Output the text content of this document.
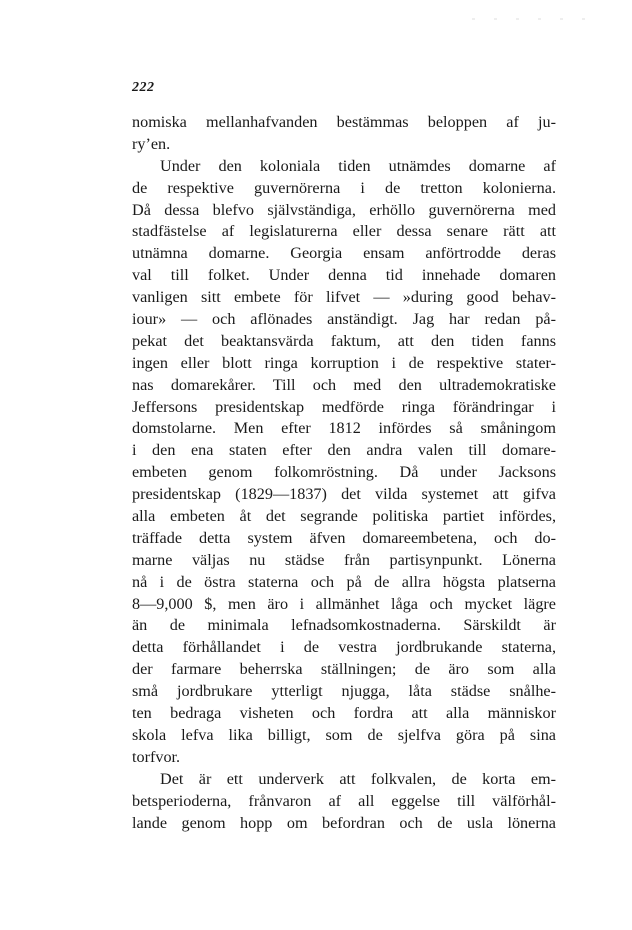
222
nomiska mellanhafvanden bestämmas beloppen af ju-
ry’en.
Under den koloniala tiden utnämdes domarne af
de respektive guvernörerna i de tretton kolonierna.
Då dessa blefvo självständiga, erhöllo guvernörerna med
stadfästelse af legislaturerna eller dessa senare rätt att
utnämna domarne. Georgia ensam anförtrodde deras
val till folket. Under denna tid innehade domaren
vanligen sitt embete för lifvet — »during good behav-
iour» — och aflönades anständigt. Jag har redan på-
pekat det beaktansvärda faktum, att den tiden fanns
ingen eller blott ringa korruption i de respektive stater-
nas domarekårer. Till och med den ultrademokratiske
Jeffersons presidentskap medförde ringa förändringar i
domstolarne. Men efter 1812 infördes så småningom
i den ena staten efter den andra valen till domare-
embeten genom folkomröstning. Då under Jacksons
presidentskap (1829—1837) det vilda systemet att gifva
alla embeten åt det segrande politiska partiet infördes,
träffade detta system äfven domareembetena, och do-
marne väljas nu städse från partisynpunkt. Lönerna
nå i de östra staterna och på de allra högsta platserna
8—9,000 $, men äro i allmänhet låga och mycket lägre
än de minimala lefnadsomkostnaderna. Särskildt är
detta förhållandet i de vestra jordbrukande staterna,
der farmare beherrska ställningen; de äro som alla
små jordbrukare ytterligt njugga, låta städse snålhe-
ten bedraga visheten och fordra att alla människor
skola lefva lika billigt, som de sjelfva göra på sina
torfvor.
Det är ett underverk att folkvalen, de korta em-
betsperioderna, frånvaron af all eggelse till välförhål-
lande genom hopp om befordran och de usla lönerna
